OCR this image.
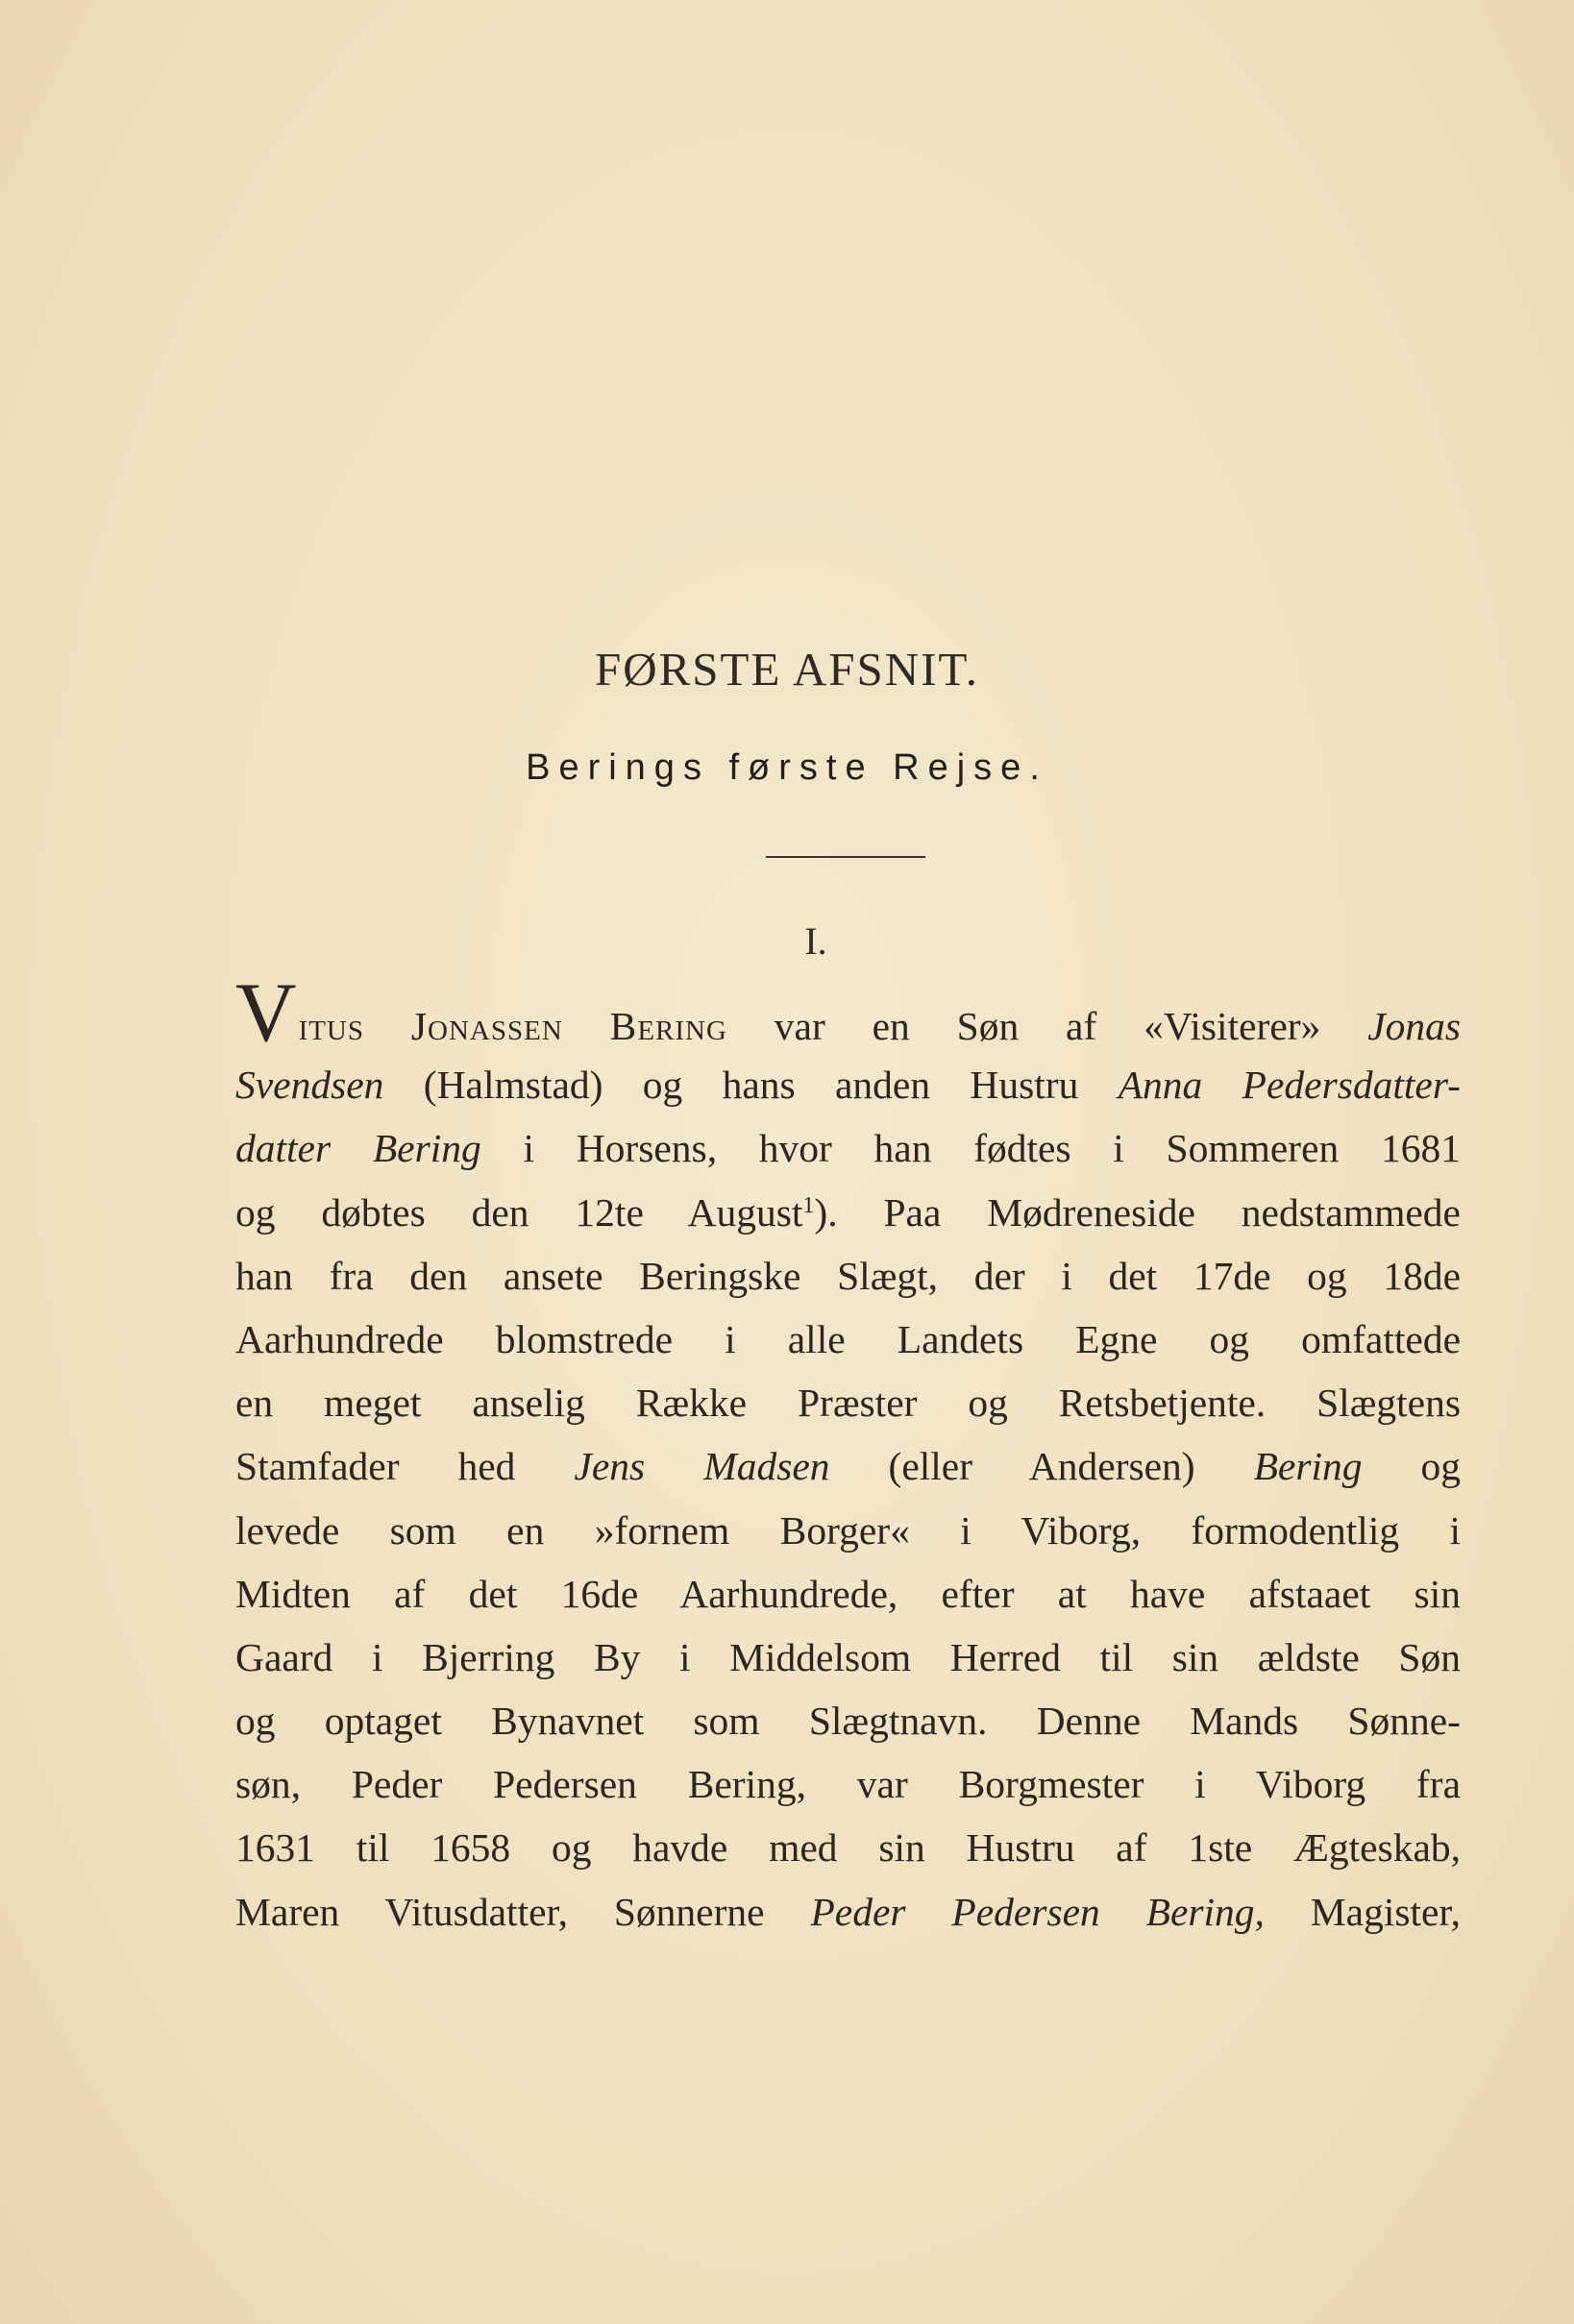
FØRSTE AFSNIT.
Berings første Rejse.
I.
Vitus Jonassen Bering var en Søn af «Visiterer» Jonas
Svendsen (Halmstad) og hans anden Hustru Anna Pedersdatter-
datter Bering i Horsens, hvor han fødtes i Sommeren 1681
og døbtes den 12te August$^1$). Paa Mødreneside nedstammede
han fra den ansete Beringske Slægt, der i det 17de og 18de
Aarhundrede blomstrede i alle Landets Egne og omfattede
en meget anselig Række Præster og Retsbetjente. Slægtens
Stamfader hed Jens Madsen (eller Andersen) Bering og
levede som en »fornem Borger« i Viborg, formodentlig i
Midten af det 16de Aarhundrede, efter at have afstaaet sin
Gaard i Bjerring By i Middelsom Herred til sin ældste Søn
og optaget Bynavnet som Slægtnavn. Denne Mands Sønne-
søn, Peder Pedersen Bering, var Borgmester i Viborg fra
1631 til 1658 og havde med sin Hustru af 1ste Ægteskab,
Maren Vitusdatter, Sønnerne Peder Pedersen Bering, Magister,
